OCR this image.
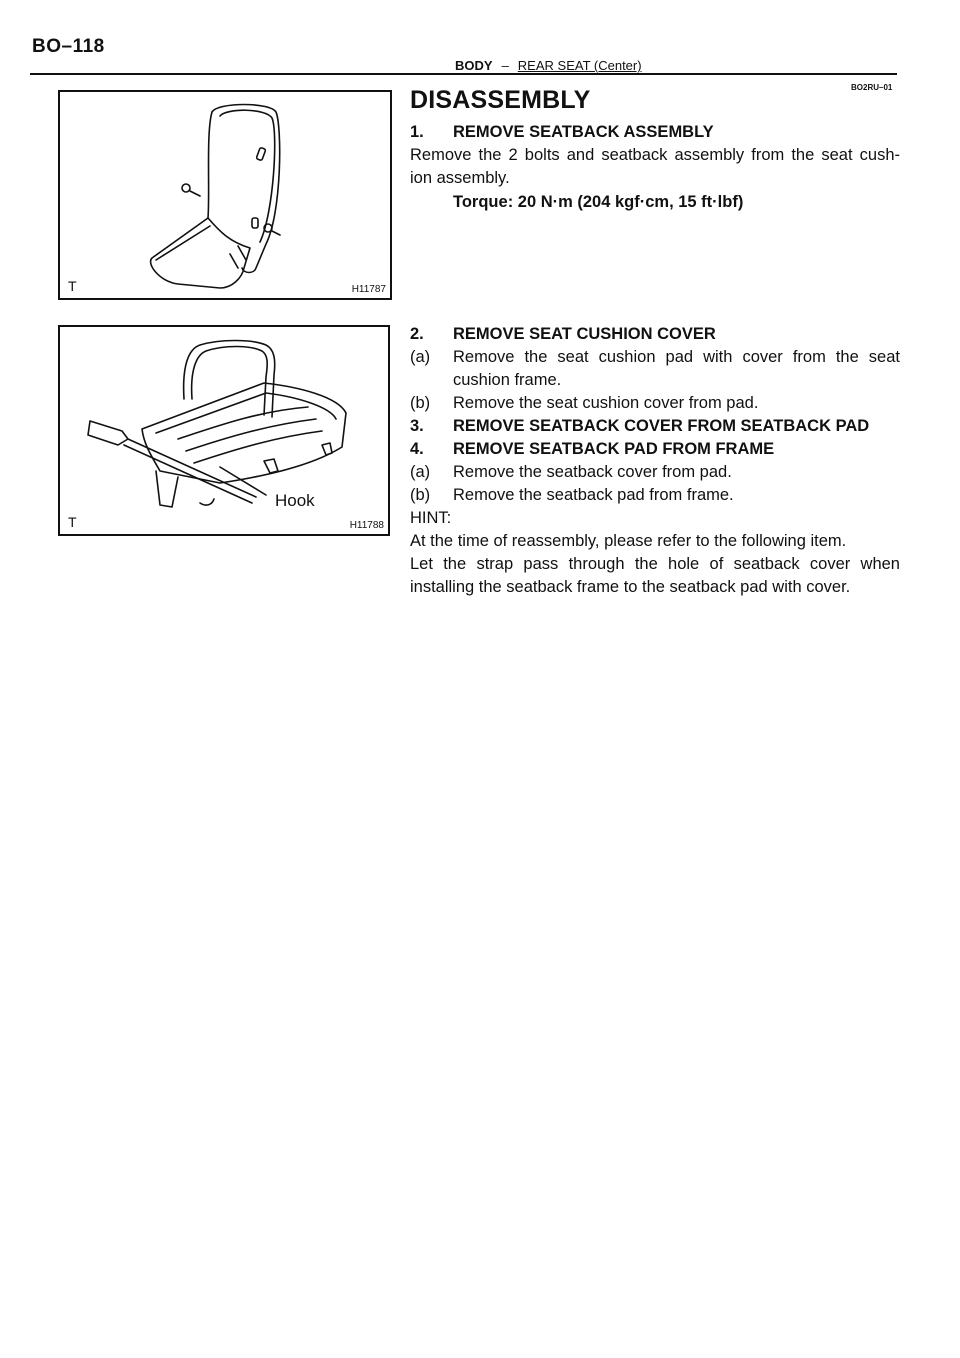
BO–118
BODY – REAR SEAT (Center)
BO2RU–01
T	H11787
Hook
T	H11788
DISASSEMBLY
1. REMOVE SEATBACK ASSEMBLY
Remove the 2 bolts and seatback assembly from the seat cush-
ion assembly.
Torque: 20 N·m (204 kgf·cm, 15 ft·lbf)
2. REMOVE SEAT CUSHION COVER
(a) Remove the seat cushion pad with cover from the seat
cushion frame.
(b) Remove the seat cushion cover from pad.
3. REMOVE SEATBACK COVER FROM SEATBACK PAD
4. REMOVE SEATBACK PAD FROM FRAME
(a) Remove the seatback cover from pad.
(b) Remove the seatback pad from frame.
HINT:
At the time of reassembly, please refer to the following item.
Let the strap pass through the hole of seatback cover when
installing the seatback frame to the seatback pad with cover.
